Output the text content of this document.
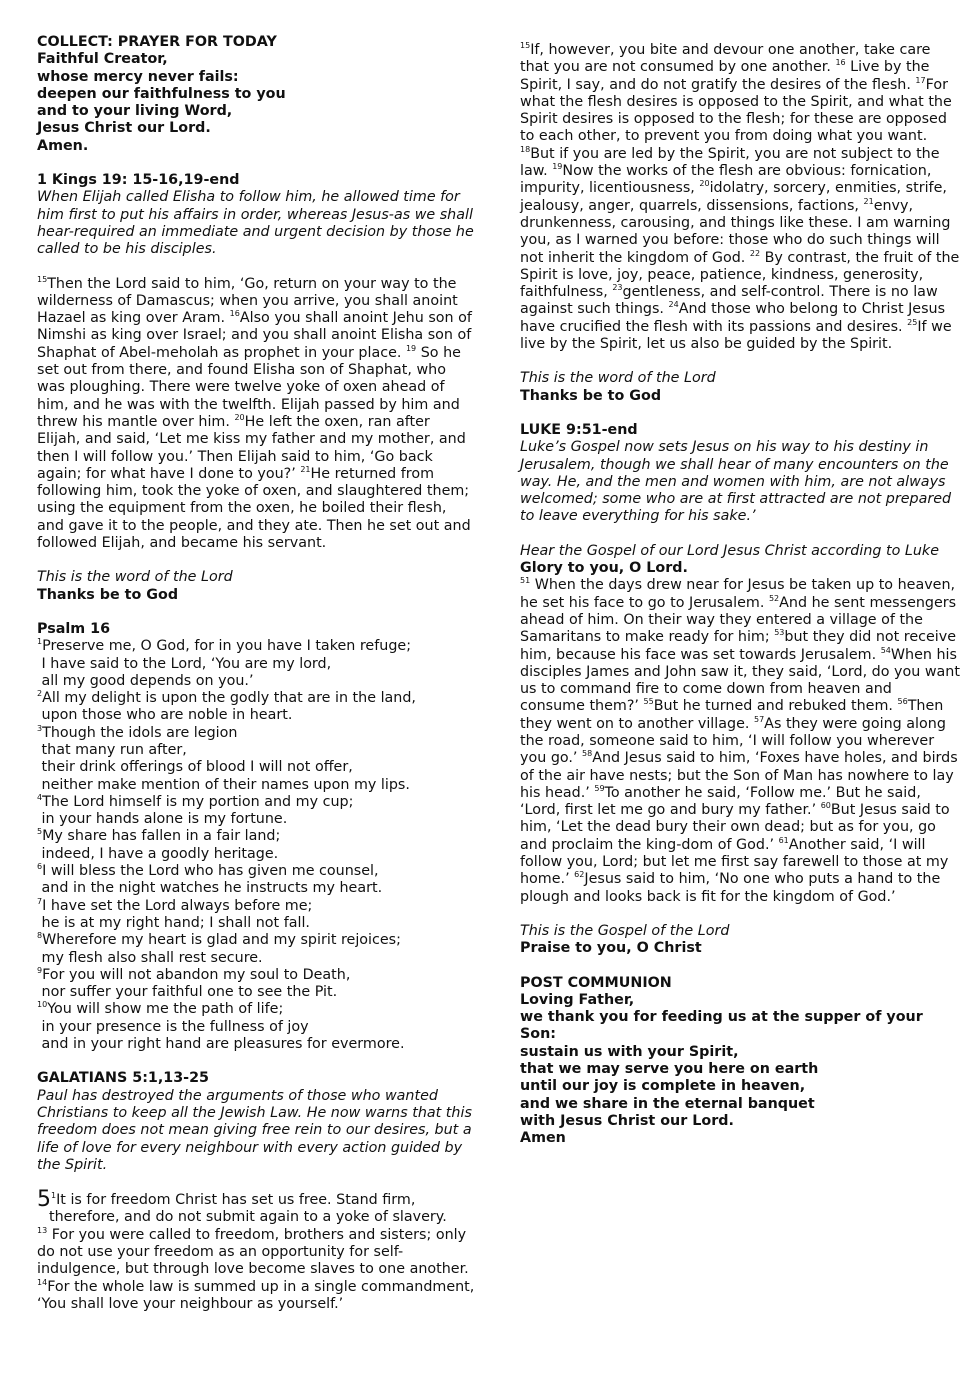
COLLECT: PRAYER FOR TODAY
Faithful Creator,
whose mercy never fails:
deepen our faithfulness to you
and to your living Word,
Jesus Christ our Lord.
Amen.
1 Kings 19: 15-16,19-end
When Elijah called Elisha to follow him, he allowed time for him first to put his affairs in order, whereas Jesus-as we shall hear-required an immediate and urgent decision by those he called to be his disciples.
$^{15}$Then the Lord said to him, ‘Go, return on your way to the wilderness of Damascus; when you arrive, you shall anoint Hazael as king over Aram. $^{16}$Also you shall anoint Jehu son of Nimshi as king over Israel; and you shall anoint Elisha son of Shaphat of Abel-meholah as prophet in your place. $^{19}$ So he set out from there, and found Elisha son of Shaphat, who was ploughing. There were twelve yoke of oxen ahead of him, and he was with the twelfth. Elijah passed by him and threw his mantle over him. $^{20}$He left the oxen, ran after Elijah, and said, ‘Let me kiss my father and my mother, and then I will follow you.’ Then Elijah said to him, ‘Go back again; for what have I done to you?’ $^{21}$He returned from following him, took the yoke of oxen, and slaughtered them; using the equipment from the oxen, he boiled their flesh, and gave it to the people, and they ate. Then he set out and followed Elijah, and became his servant.
This is the word of the Lord
Thanks be to God
Psalm 16
$^1$Preserve me, O God, for in you have I taken refuge;
I have said to the Lord, ‘You are my lord,
all my good depends on you.’
$^2$All my delight is upon the godly that are in the land,
upon those who are noble in heart.
$^3$Though the idols are legion
that many run after,
their drink offerings of blood I will not offer,
neither make mention of their names upon my lips.
$^4$The Lord himself is my portion and my cup;
in your hands alone is my fortune.
$^5$My share has fallen in a fair land;
indeed, I have a goodly heritage.
$^6$I will bless the Lord who has given me counsel,
and in the night watches he instructs my heart.
$^7$I have set the Lord always before me;
he is at my right hand; I shall not fall.
$^8$Wherefore my heart is glad and my spirit rejoices;
my flesh also shall rest secure.
$^9$For you will not abandon my soul to Death,
nor suffer your faithful one to see the Pit.
$^{10}$You will show me the path of life;
in your presence is the fullness of joy
and in your right hand are pleasures for evermore.
GALATIANS 5:1,13-25
Paul has destroyed the arguments of those who wanted Christians to keep all the Jewish Law. He now warns that this freedom does not mean giving free rein to our desires, but a life of love for every neighbour with every action guided by the Spirit.
$5^1It$ is for freedom Christ has set us free. Stand firm,
therefore, and do not submit again to a yoke of slavery.
$^{13}$ For you were called to freedom, brothers and sisters; only do not use your freedom as an opportunity for self-indulgence, but through love become slaves to one another. $^{14}$For the whole law is summed up in a single commandment, ‘You shall love your neighbour as yourself.’
$^{15}$If, however, you bite and devour one another, take care that you are not consumed by one another. $^{16}$ Live by the Spirit, I say, and do not gratify the desires of the flesh. $^{17}$For what the flesh desires is opposed to the Spirit, and what the Spirit desires is opposed to the flesh; for these are opposed to each other, to prevent you from doing what you want. $^{18}$But if you are led by the Spirit, you are not subject to the law. $^{19}$Now the works of the flesh are obvious: fornication, impurity, licentiousness, $^{20}$idolatry, sorcery, enmities, strife, jealousy, anger, quarrels, dissensions, factions, $^{21}$envy, drunkenness, carousing, and things like these. I am warning you, as I warned you before: those who do such things will not inherit the kingdom of God. $^{22}$ By contrast, the fruit of the Spirit is love, joy, peace, patience, kindness, generosity, faithfulness, $^{23}$gentleness, and self-control. There is no law against such things. $^{24}$And those who belong to Christ Jesus have crucified the flesh with its passions and desires. $^{25}$If we live by the Spirit, let us also be guided by the Spirit.
This is the word of the Lord
Thanks be to God
LUKE 9:51-end
Luke’s Gospel now sets Jesus on his way to his destiny in Jerusalem, though we shall hear of many encounters on the way. He, and the men and women with him, are not always welcomed; some who are at first attracted are not prepared to leave everything for his sake.’
Hear the Gospel of our Lord Jesus Christ according to Luke
Glory to you, O Lord.
$^{51}$ When the days drew near for Jesus be taken up to heaven, he set his face to go to Jerusalem. $^{52}$And he sent messengers ahead of him. On their way they entered a village of the Samaritans to make ready for him; $^{53}$but they did not receive him, because his face was set towards Jerusalem. $^{54}$When his disciples James and John saw it, they said, ‘Lord, do you want us to command fire to come down from heaven and consume them?’ $^{55}$But he turned and rebuked them. $^{56}$Then they went on to another village. $^{57}$As they were going along the road, someone said to him, ‘I will follow you wherever you go.’ $^{58}$And Jesus said to him, ‘Foxes have holes, and birds of the air have nests; but the Son of Man has nowhere to lay his head.’ $^{59}$To another he said, ‘Follow me.’ But he said, ‘Lord, first let me go and bury my father.’ $^{60}$But Jesus said to him, ‘Let the dead bury their own dead; but as for you, go and proclaim the king-dom of God.’ $^{61}$Another said, ‘I will follow you, Lord; but let me first say farewell to those at my home.’ $^{62}$Jesus said to him, ‘No one who puts a hand to the plough and looks back is fit for the kingdom of God.’
This is the Gospel of the Lord
Praise to you, O Christ
POST COMMUNION
Loving Father,
we thank you for feeding us at the supper of your Son:
sustain us with your Spirit,
that we may serve you here on earth
until our joy is complete in heaven,
and we share in the eternal banquet
with Jesus Christ our Lord.
Amen
